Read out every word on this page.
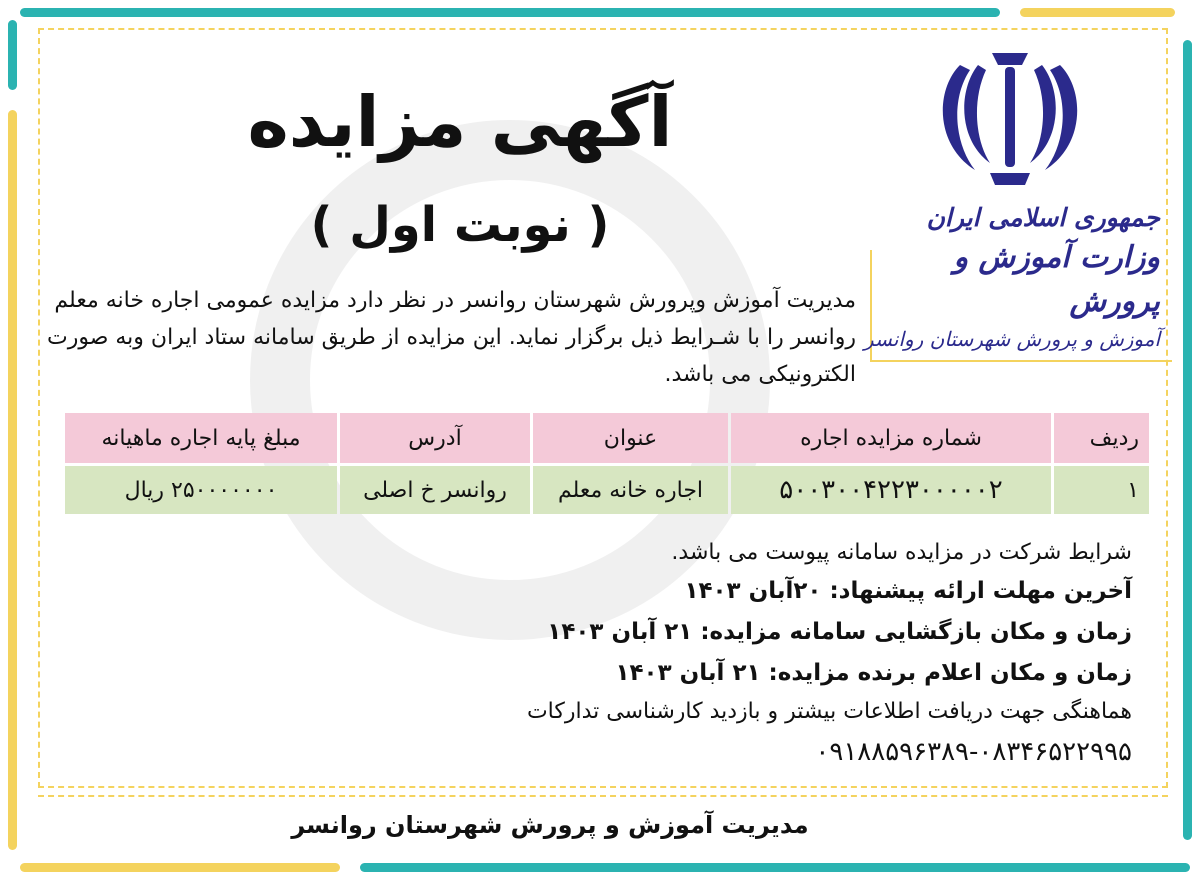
جمهوری اسلامی ایران
وزارت آموزش و پرورش
آموزش و پرورش شهرستان روانسر
آگهی مزایده
( نوبت اول )
مدیریت آموزش وپرورش شهرستان روانسر در نظر دارد مزایده عمومی اجاره خانه معلم روانسر را با شـرایط ذیل برگزار نماید. این مزایده از طریق سامانه ستاد ایران وبه صورت الکترونیکی می باشد.
ردیف	شماره مزایده اجاره	عنوان	آدرس	مبلغ پایه اجاره ماهیانه
۱	۵۰۰۳۰۰۴۲۲۳۰۰۰۰۰۲	اجاره خانه معلم	روانسر خ اصلی	۲۵۰۰۰۰۰۰۰ ریال
شرایط شرکت در مزایده سامانه پیوست می باشد.
آخرین مهلت ارائه پیشنهاد: ۲۰آبان ۱۴۰۳
زمان و مکان بازگشایی سامانه مزایده: ۲۱ آبان ۱۴۰۳
زمان و مکان اعلام برنده مزایده: ۲۱ آبان ۱۴۰۳
هماهنگی جهت دریافت اطلاعات بیشتر و بازدید کارشناسی تدارکات
۰۹۱۸۸۵۹۶۳۸۹-۰۸۳۴۶۵۲۲۹۹۵
مدیریت آموزش و پرورش شهرستان روانسر
